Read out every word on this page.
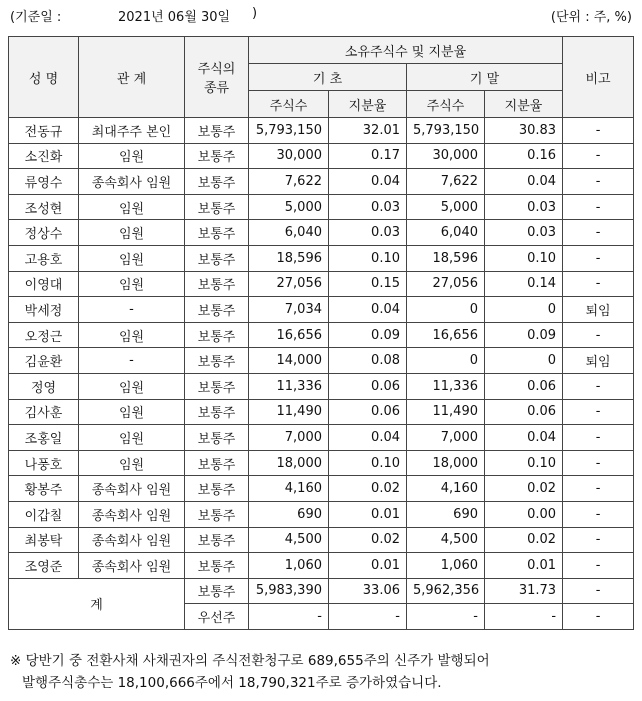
(기준일 :	2021년 06월 30일 )	(단위 : 주, %)
성 명	관 계	주식의
종류	소유주식수 및 지분율				비고
			기 초		기 말		
			주식수	지분율	주식수	지분율	
전동규	최대주주 본인	보통주	5,793,150	32.01	5,793,150	30.83	-
소진화	임원	보통주	30,000	0.17	30,000	0.16	-
류영수	종속회사 임원	보통주	7,622	0.04	7,622	0.04	-
조성현	임원	보통주	5,000	0.03	5,000	0.03	-
정상수	임원	보통주	6,040	0.03	6,040	0.03	-
고용호	임원	보통주	18,596	0.10	18,596	0.10	-
이영대	임원	보통주	27,056	0.15	27,056	0.14	-
박세정	-	보통주	7,034	0.04	0	0	퇴임
오정근	임원	보통주	16,656	0.09	16,656	0.09	-
김윤환	-	보통주	14,000	0.08	0	0	퇴임
정영	임원	보통주	11,336	0.06	11,336	0.06	-
김사훈	임원	보통주	11,490	0.06	11,490	0.06	-
조홍일	임원	보통주	7,000	0.04	7,000	0.04	-
나풍호	임원	보통주	18,000	0.10	18,000	0.10	-
황봉주	종속회사 임원	보통주	4,160	0.02	4,160	0.02	-
이갑칠	종속회사 임원	보통주	690	0.01	690	0.00	-
최봉탁	종속회사 임원	보통주	4,500	0.02	4,500	0.02	-
조영준	종속회사 임원	보통주	1,060	0.01	1,060	0.01	-
계		보통주	5,983,390	33.06	5,962,356	31.73	-
		우선주	-	-	-	-	-
※ 당반기 중 전환사채 사채권자의 주식전환청구로 689,655주의 신주가 발행되어
발행주식총수는 18,100,666주에서 18,790,321주로 증가하였습니다.
